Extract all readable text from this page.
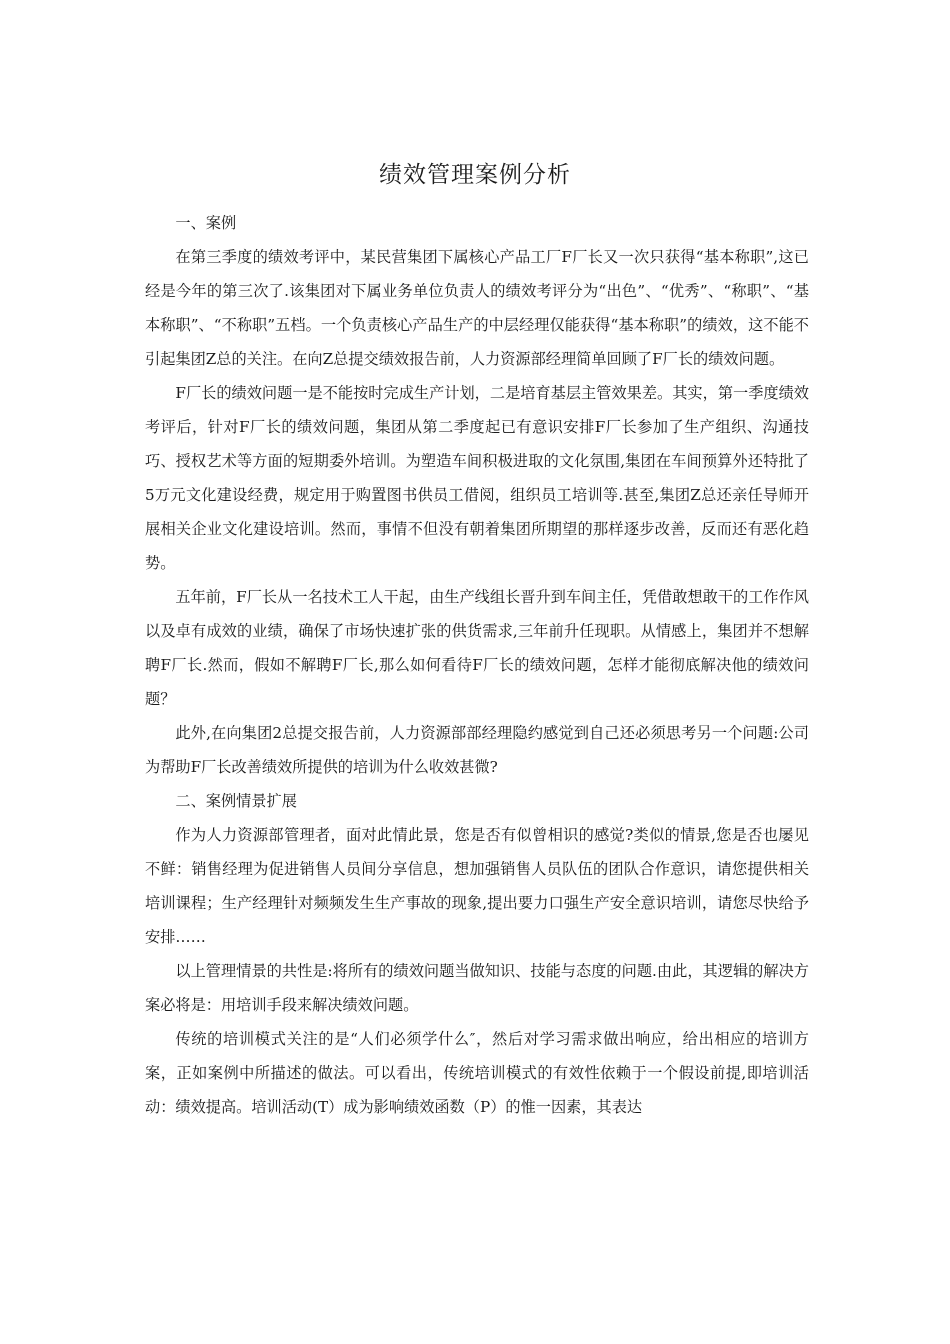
绩效管理案例分析

一、案例

在第三季度的绩效考评中，某民营集团下属核心产品工厂F厂长又一次只获得“基本称职”,这已经是今年的第三次了.该集团对下属业务单位负责人的绩效考评分为“出色”、“优秀”、“称职”、“基本称职”、“不称职”五档。一个负责核心产品生产的中层经理仅能获得“基本称职”的绩效，这不能不引起集团Z总的关注。在向Z总提交绩效报告前，人力资源部经理简单回顾了F厂长的绩效问题。

F厂长的绩效问题一是不能按时完成生产计划，二是培育基层主管效果差。其实，第一季度绩效考评后，针对F厂长的绩效问题，集团从第二季度起已有意识安排F厂长参加了生产组织、沟通技巧、授权艺术等方面的短期委外培训。为塑造车间积极进取的文化氛围,集团在车间预算外还特批了5万元文化建设经费，规定用于购置图书供员工借阅，组织员工培训等.甚至,集团Z总还亲任导师开展相关企业文化建设培训。然而，事情不但没有朝着集团所期望的那样逐步改善，反而还有恶化趋势。

五年前，F厂长从一名技术工人干起，由生产线组长晋升到车间主任，凭借敢想敢干的工作作风以及卓有成效的业绩，确保了市场快速扩张的供货需求,三年前升任现职。从情感上，集团并不想解聘F厂长.然而，假如不解聘F厂长,那么如何看待F厂长的绩效问题，怎样才能彻底解决他的绩效问题？

此外,在向集团2总提交报告前，人力资源部部经理隐约感觉到自己还必须思考另一个问题:公司为帮助F厂长改善绩效所提供的培训为什么收效甚微?

二、案例情景扩展

作为人力资源部管理者，面对此情此景，您是否有似曾相识的感觉?类似的情景,您是否也屡见不鲜：销售经理为促进销售人员间分享信息，想加强销售人员队伍的团队合作意识，请您提供相关培训课程；生产经理针对频频发生生产事故的现象,提出要力口强生产安全意识培训，请您尽快给予安排……

以上管理情景的共性是:将所有的绩效问题当做知识、技能与态度的问题.由此，其逻辑的解决方案必将是：用培训手段来解决绩效问题。

传统的培训模式关注的是“人们必须学什么″，然后对学习需求做出响应，给出相应的培训方案，正如案例中所描述的做法。可以看出，传统培训模式的有效性依赖于一个假设前提,即培训活动：绩效提高。培训活动(T）成为影响绩效函数（P）的惟一因素，其表达
